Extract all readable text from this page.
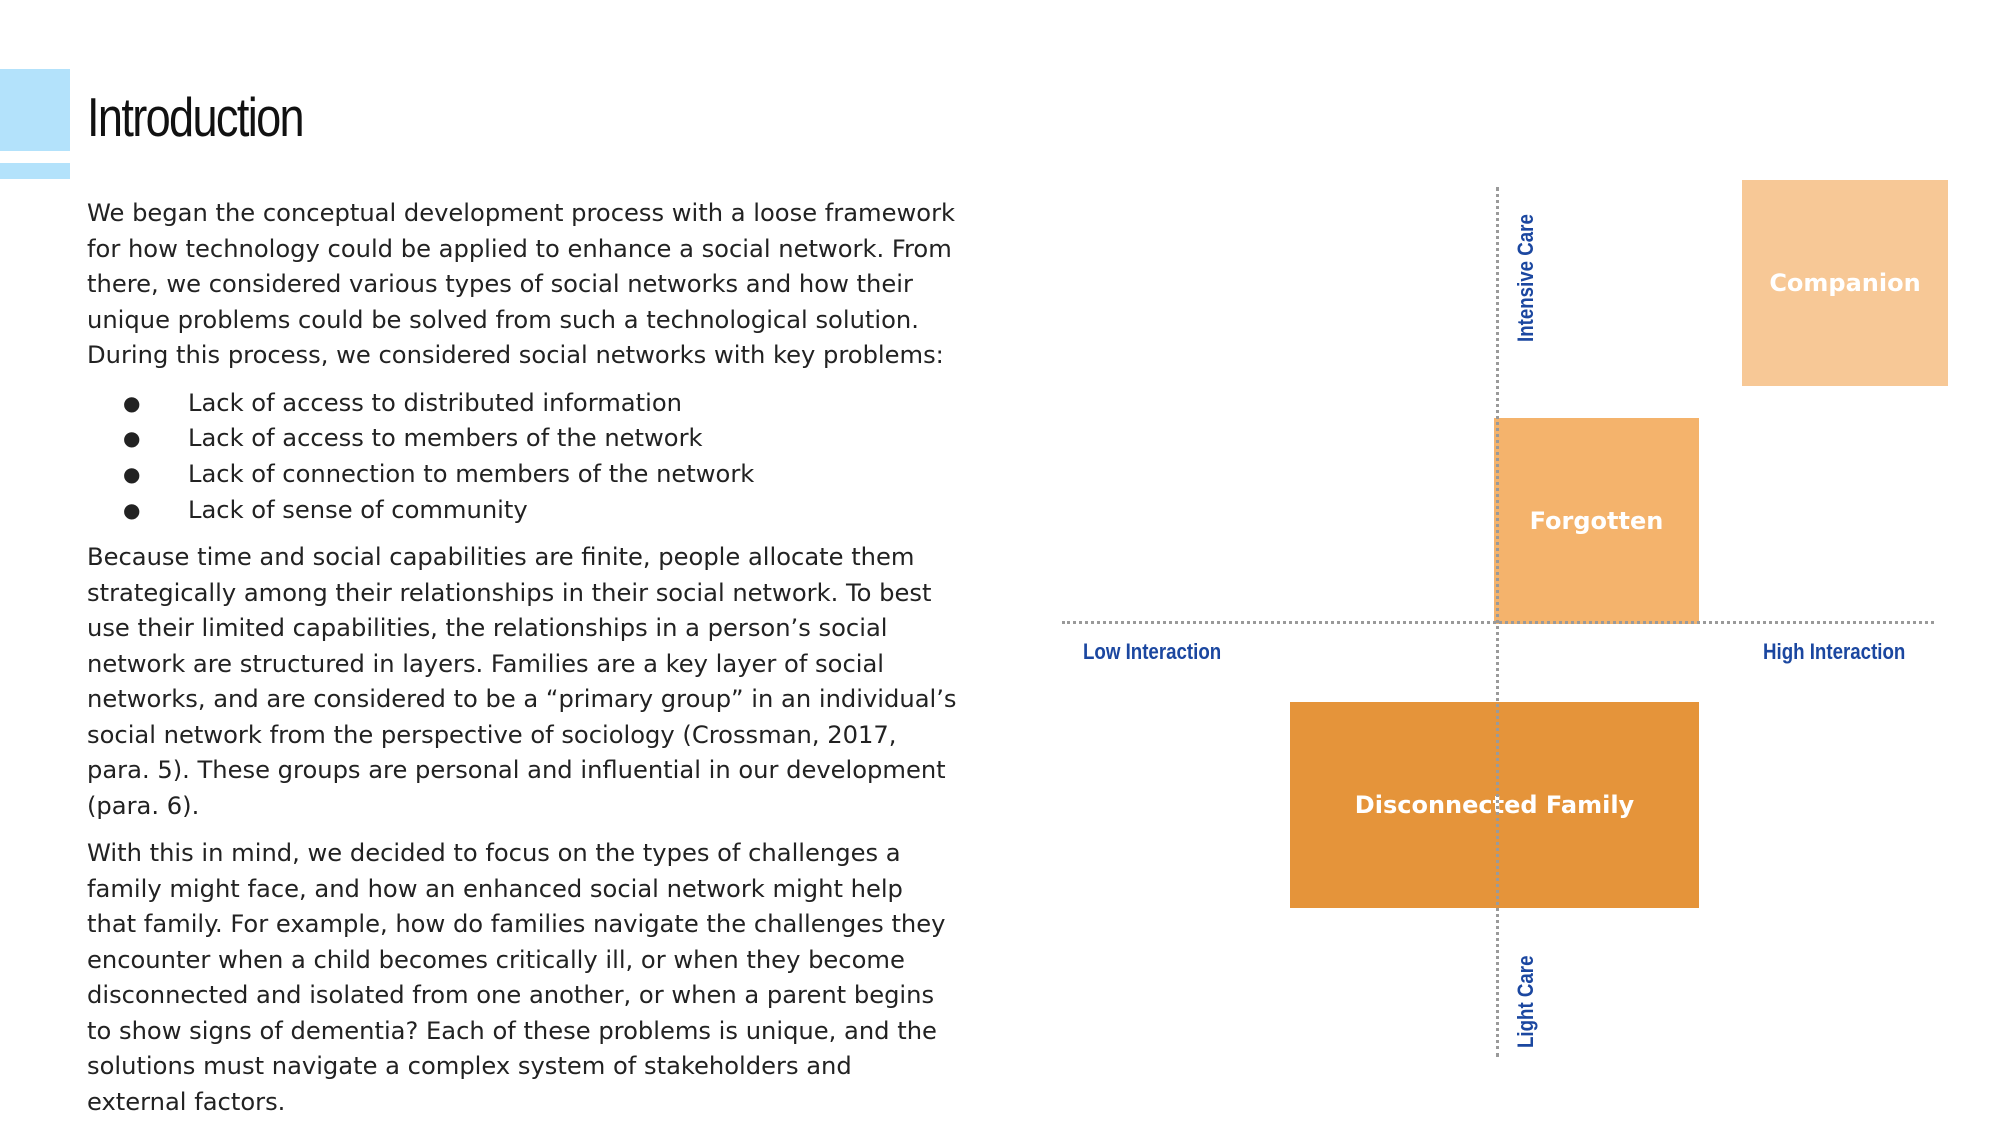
Introduction

We began the conceptual development process with a loose framework for how technology could be applied to enhance a social network. From there, we considered various types of social networks and how their unique problems could be solved from such a technological solution. During this process, we considered social networks with key problems:

● Lack of access to distributed information
● Lack of access to members of the network
● Lack of connection to members of the network
● Lack of sense of community

Because time and social capabilities are finite, people allocate them strategically among their relationships in their social network. To best use their limited capabilities, the relationships in a person’s social network are structured in layers. Families are a key layer of social networks, and are considered to be a “primary group” in an individual’s social network from the perspective of sociology (Crossman, 2017, para. 5). These groups are personal and influential in our development (para. 6).

With this in mind, we decided to focus on the types of challenges a family might face, and how an enhanced social network might help that family. For example, how do families navigate the challenges they encounter when a child becomes critically ill, or when they become disconnected and isolated from one another, or when a parent begins to show signs of dementia? Each of these problems is unique, and the solutions must navigate a complex system of stakeholders and external factors.

Companion
Forgotten
Disconnected Family
Intensive Care
Light Care
Low Interaction	High Interaction
